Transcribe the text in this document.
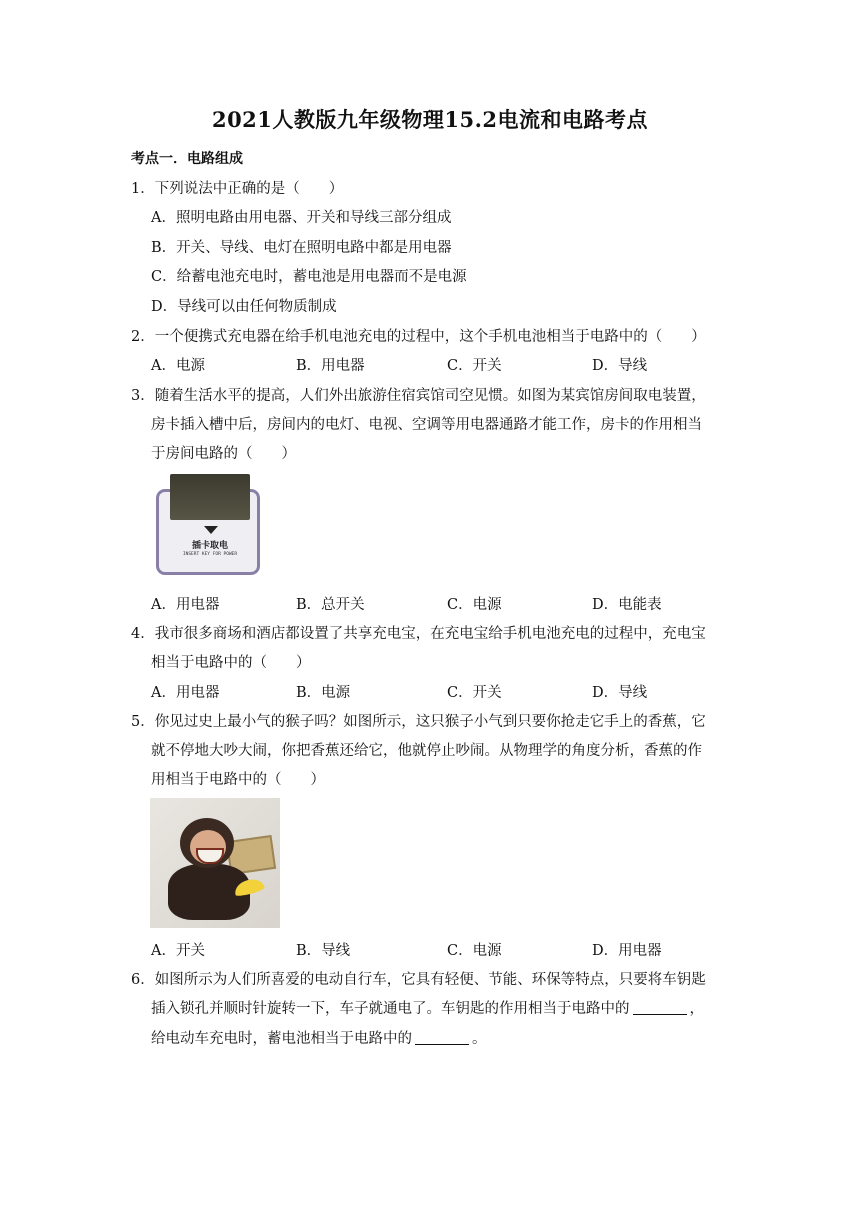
2021人教版九年级物理15.2电流和电路考点
考点一．电路组成
1．下列说法中正确的是（　　）
A．照明电路由用电器、开关和导线三部分组成
B．开关、导线、电灯在照明电路中都是用电器
C．给蓄电池充电时，蓄电池是用电器而不是电源
D．导线可以由任何物质制成
2．一个便携式充电器在给手机电池充电的过程中，这个手机电池相当于电路中的（　　）
A．电源	B．用电器	C．开关	D．导线
3．随着生活水平的提高，人们外出旅游住宿宾馆司空见惯。如图为某宾馆房间取电装置，
房卡插入槽中后，房间内的电灯、电视、空调等用电器通路才能工作，房卡的作用相当
于房间电路的（　　）
插卡取电
INSERT KEY FOR POWER
A．用电器	B．总开关	C．电源	D．电能表
4．我市很多商场和酒店都设置了共享充电宝，在充电宝给手机电池充电的过程中，充电宝
相当于电路中的（　　）
A．用电器	B．电源	C．开关	D．导线
5．你见过史上最小气的猴子吗？如图所示，这只猴子小气到只要你抢走它手上的香蕉，它
就不停地大吵大闹，你把香蕉还给它，他就停止吵闹。从物理学的角度分析，香蕉的作
用相当于电路中的（　　）
A．开关	B．导线	C．电源	D．用电器
6．如图所示为人们所喜爱的电动自行车，它具有轻便、节能、环保等特点，只要将车钥匙
插入锁孔并顺时针旋转一下，车子就通电了。车钥匙的作用相当于电路中的	，
给电动车充电时，蓄电池相当于电路中的	。
